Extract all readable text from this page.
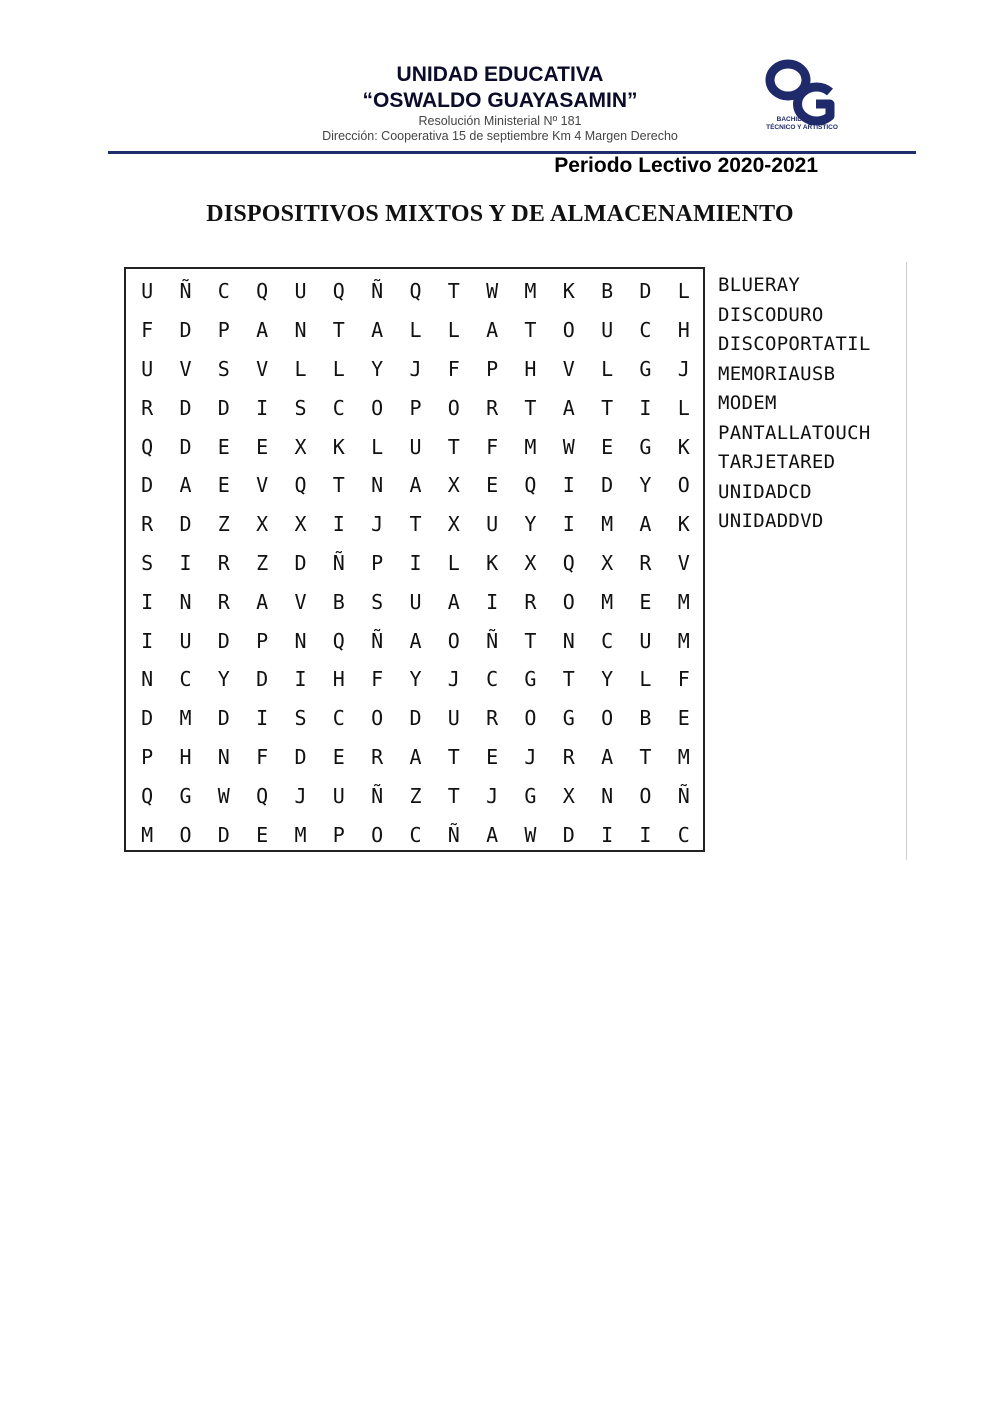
UNIDAD EDUCATIVA
“OSWALDO GUAYASAMIN”
Resolución Ministerial Nº 181
Dirección: Cooperativa 15 de septiembre Km 4 Margen Derecho
BACHILLERATO
TÉCNICO Y ARTÍSTICO
Periodo Lectivo 2020-2021
DISPOSITIVOS MIXTOS Y DE ALMACENAMIENTO
U	Ñ	C	Q	U	Q	Ñ	Q	T	W	M	K	B	D	L
F	D	P	A	N	T	A	L	L	A	T	O	U	C	H
U	V	S	V	L	L	Y	J	F	P	H	V	L	G	J
R	D	D	I	S	C	O	P	O	R	T	A	T	I	L
Q	D	E	E	X	K	L	U	T	F	M	W	E	G	K
D	A	E	V	Q	T	N	A	X	E	Q	I	D	Y	O
R	D	Z	X	X	I	J	T	X	U	Y	I	M	A	K
S	I	R	Z	D	Ñ	P	I	L	K	X	Q	X	R	V
I	N	R	A	V	B	S	U	A	I	R	O	M	E	M
I	U	D	P	N	Q	Ñ	A	O	Ñ	T	N	C	U	M
N	C	Y	D	I	H	F	Y	J	C	G	T	Y	L	F
D	M	D	I	S	C	O	D	U	R	O	G	O	B	E
P	H	N	F	D	E	R	A	T	E	J	R	A	T	M
Q	G	W	Q	J	U	Ñ	Z	T	J	G	X	N	O	Ñ
M	O	D	E	M	P	O	C	Ñ	A	W	D	I	I	C
BLUERAY
DISCODURO
DISCOPORTATIL
MEMORIAUSB
MODEM
PANTALLATOUCH
TARJETARED
UNIDADCD
UNIDADDVD
